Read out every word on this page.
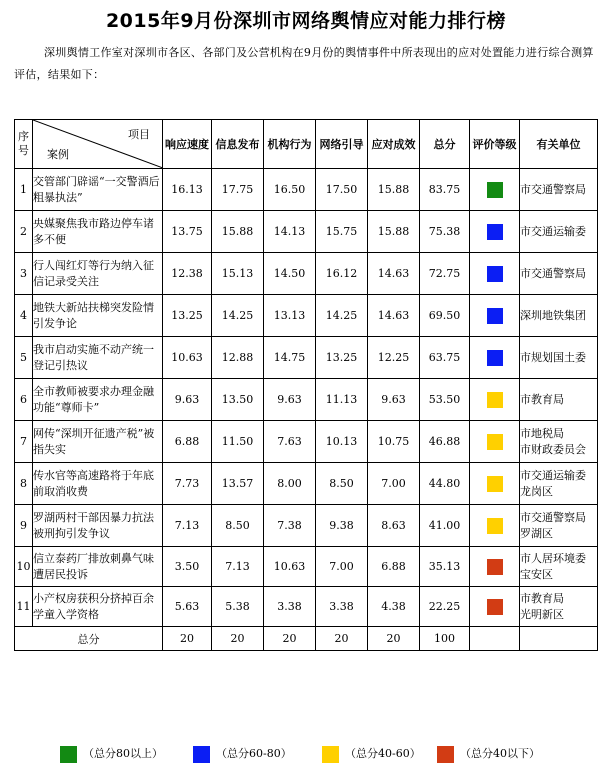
2015年9月份深圳市网络舆情应对能力排行榜
深圳舆情工作室对深圳市各区、各部门及公营机构在9月份的舆情事件中所表现出的应对处置能力进行综合测算评估，结果如下：
序号	项目
案例	响应速度	信息发布	机构行为	网络引导	应对成效	总分	评价等级	有关单位
1	交管部门辟谣“一交警酒后粗暴执法”	16.13	17.75	16.50	17.50	15.88	83.75		市交通警察局
2	央媒聚焦我市路边停车诸多不便	13.75	15.88	14.13	15.75	15.88	75.38		市交通运输委
3	行人闯红灯等行为纳入征信记录受关注	12.38	15.13	14.50	16.12	14.63	72.75		市交通警察局
4	地铁大新站扶梯突发险情引发争论	13.25	14.25	13.13	14.25	14.63	69.50		深圳地铁集团
5	我市启动实施不动产统一登记引热议	10.63	12.88	14.75	13.25	12.25	63.75		市规划国土委
6	全市教师被要求办理金融功能“尊师卡”	9.63	13.50	9.63	11.13	9.63	53.50		市教育局
7	网传“深圳开征遗产税”被指失实	6.88	11.50	7.63	10.13	10.75	46.88		市地税局
市财政委员会
8	传水官等高速路将于年底前取消收费	7.73	13.57	8.00	8.50	7.00	44.80		市交通运输委
龙岗区
9	罗湖两村干部因暴力抗法被刑拘引发争议	7.13	8.50	7.38	9.38	8.63	41.00		市交通警察局
罗湖区
10	信立泰药厂排放刺鼻气味遭居民投诉	3.50	7.13	10.63	7.00	6.88	35.13		市人居环境委
宝安区
11	小产权房获积分挤掉百余学童入学资格	5.63	5.38	3.38	3.38	4.38	22.25		市教育局
光明新区
总分		20	20	20	20	20	100		
（总分80以上）	（总分60-80）	（总分40-60）	（总分40以下）
